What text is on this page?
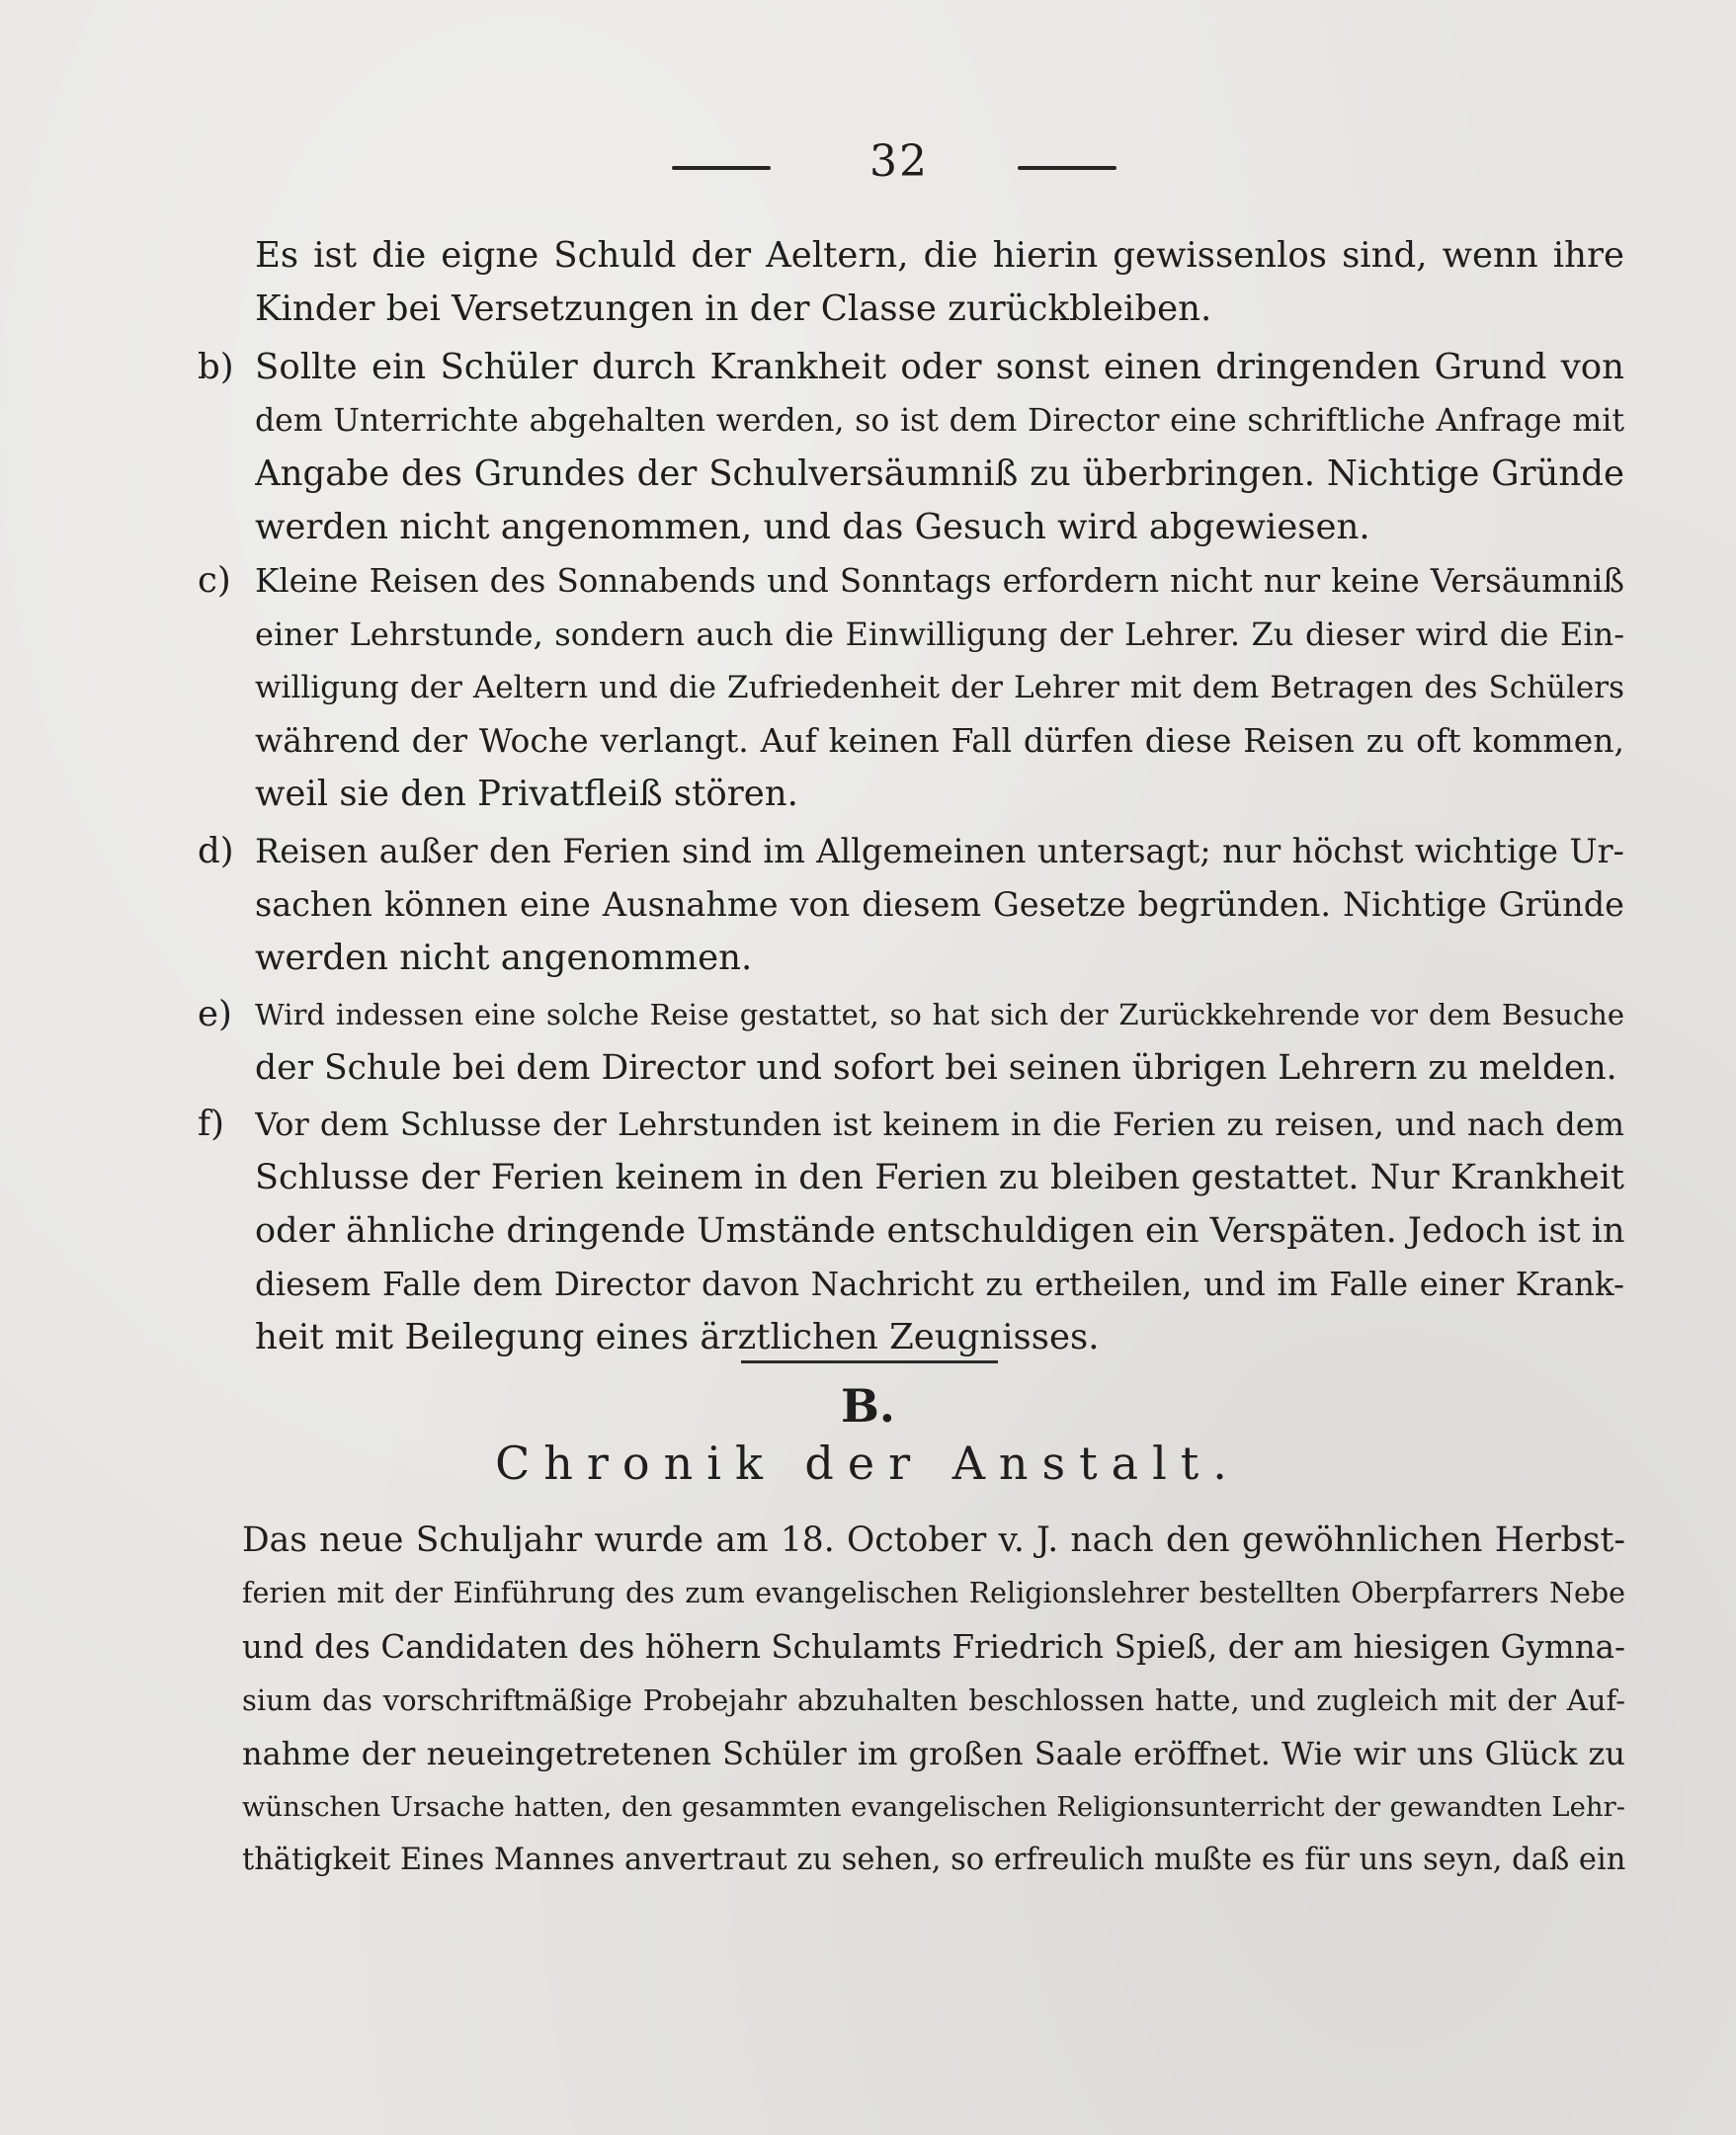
32
Es ist die eigne Schuld der Aeltern, die hierin gewissenlos sind, wenn ihre
Kinder bei Versetzungen in der Classe zurückbleiben.
b) Sollte ein Schüler durch Krankheit oder sonst einen dringenden Grund von
dem Unterrichte abgehalten werden, so ist dem Director eine schriftliche Anfrage mit
Angabe des Grundes der Schulversäumniß zu überbringen. Nichtige Gründe
werden nicht angenommen, und das Gesuch wird abgewiesen.
c) Kleine Reisen des Sonnabends und Sonntags erfordern nicht nur keine Versäumniß
einer Lehrstunde, sondern auch die Einwilligung der Lehrer. Zu dieser wird die Ein-
willigung der Aeltern und die Zufriedenheit der Lehrer mit dem Betragen des Schülers
während der Woche verlangt. Auf keinen Fall dürfen diese Reisen zu oft kommen,
weil sie den Privatfleiß stören.
d) Reisen außer den Ferien sind im Allgemeinen untersagt; nur höchst wichtige Ur-
sachen können eine Ausnahme von diesem Gesetze begründen. Nichtige Gründe
werden nicht angenommen.
e) Wird indessen eine solche Reise gestattet, so hat sich der Zurückkehrende vor dem Besuche
der Schule bei dem Director und sofort bei seinen übrigen Lehrern zu melden.
f) Vor dem Schlusse der Lehrstunden ist keinem in die Ferien zu reisen, und nach dem
Schlusse der Ferien keinem in den Ferien zu bleiben gestattet. Nur Krankheit
oder ähnliche dringende Umstände entschuldigen ein Verspäten. Jedoch ist in
diesem Falle dem Director davon Nachricht zu ertheilen, und im Falle einer Krank-
heit mit Beilegung eines ärztlichen Zeugnisses.
B.
Chronik der Anstalt.
Das neue Schuljahr wurde am 18. October v. J. nach den gewöhnlichen Herbst-
ferien mit der Einführung des zum evangelischen Religionslehrer bestellten Oberpfarrers Nebe
und des Candidaten des höhern Schulamts Friedrich Spieß, der am hiesigen Gymna-
sium das vorschriftmäßige Probejahr abzuhalten beschlossen hatte, und zugleich mit der Auf-
nahme der neueingetretenen Schüler im großen Saale eröffnet. Wie wir uns Glück zu
wünschen Ursache hatten, den gesammten evangelischen Religionsunterricht der gewandten Lehr-
thätigkeit Eines Mannes anvertraut zu sehen, so erfreulich mußte es für uns seyn, daß ein
